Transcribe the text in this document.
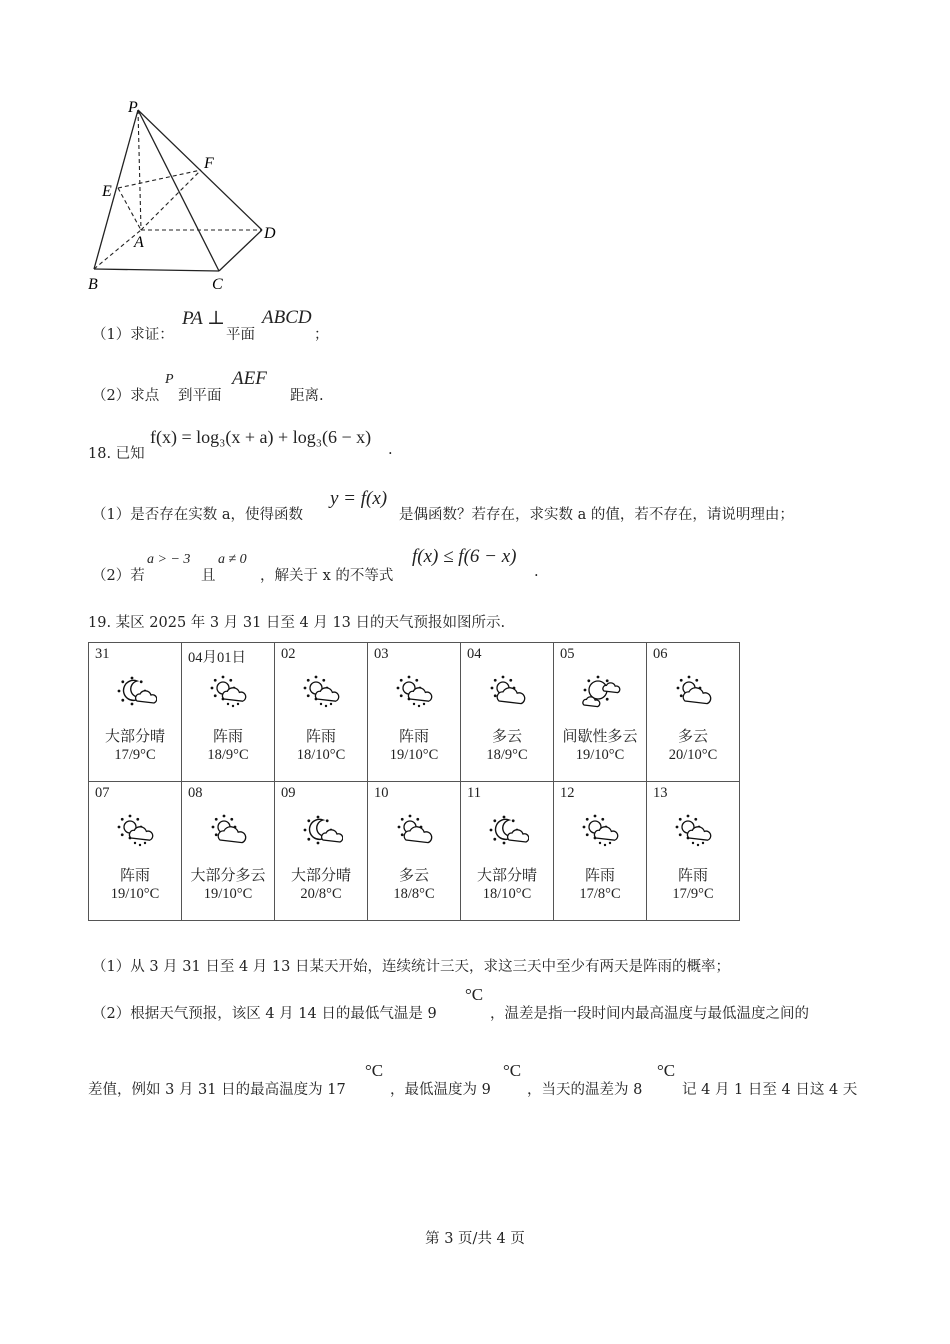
P
F
E
A
D
B	C
（1）求证：
PA ⊥
平面
ABCD
；
（2）求点
P
到平面
AEF
距离.
18. 已知
f(x) = log₃(x + a) + log₃(6 − x)
.
（1）是否存在实数 a，使得函数
y = f(x)
是偶函数？若存在，求实数 a 的值，若不存在，请说明理由；
（2）若
a > − 3
且
a ≠ 0
，解关于 x 的不等式
f(x) ≤ f(6 − x)
.
19. 某区 2025 年 3 月 31 日至 4 月 13 日的天气预报如图所示.
31
大部分晴
17/9°C	04月01日
阵雨
18/9°C	02
阵雨
18/10°C	03
阵雨
19/10°C	04
多云
18/9°C	05
间歇性多云
19/10°C	06
多云
20/10°C

07
阵雨
19/10°C	08
大部分多云
19/10°C	09
大部分晴
20/8°C	10
多云
18/8°C	11
大部分晴
18/10°C	12
阵雨
17/8°C	13
阵雨
17/9°C
（1）从 3 月 31 日至 4 月 13 日某天开始，连续统计三天，求这三天中至少有两天是阵雨的概率；
（2）根据天气预报，该区 4 月 14 日的最低气温是 9
°C
，温差是指一段时间内最高温度与最低温度之间的
差值，例如 3 月 31 日的最高温度为 17
°C
，最低温度为 9
°C
，当天的温差为 8
°C
记 4 月 1 日至 4 日这 4 天
第 3 页/共 4 页
